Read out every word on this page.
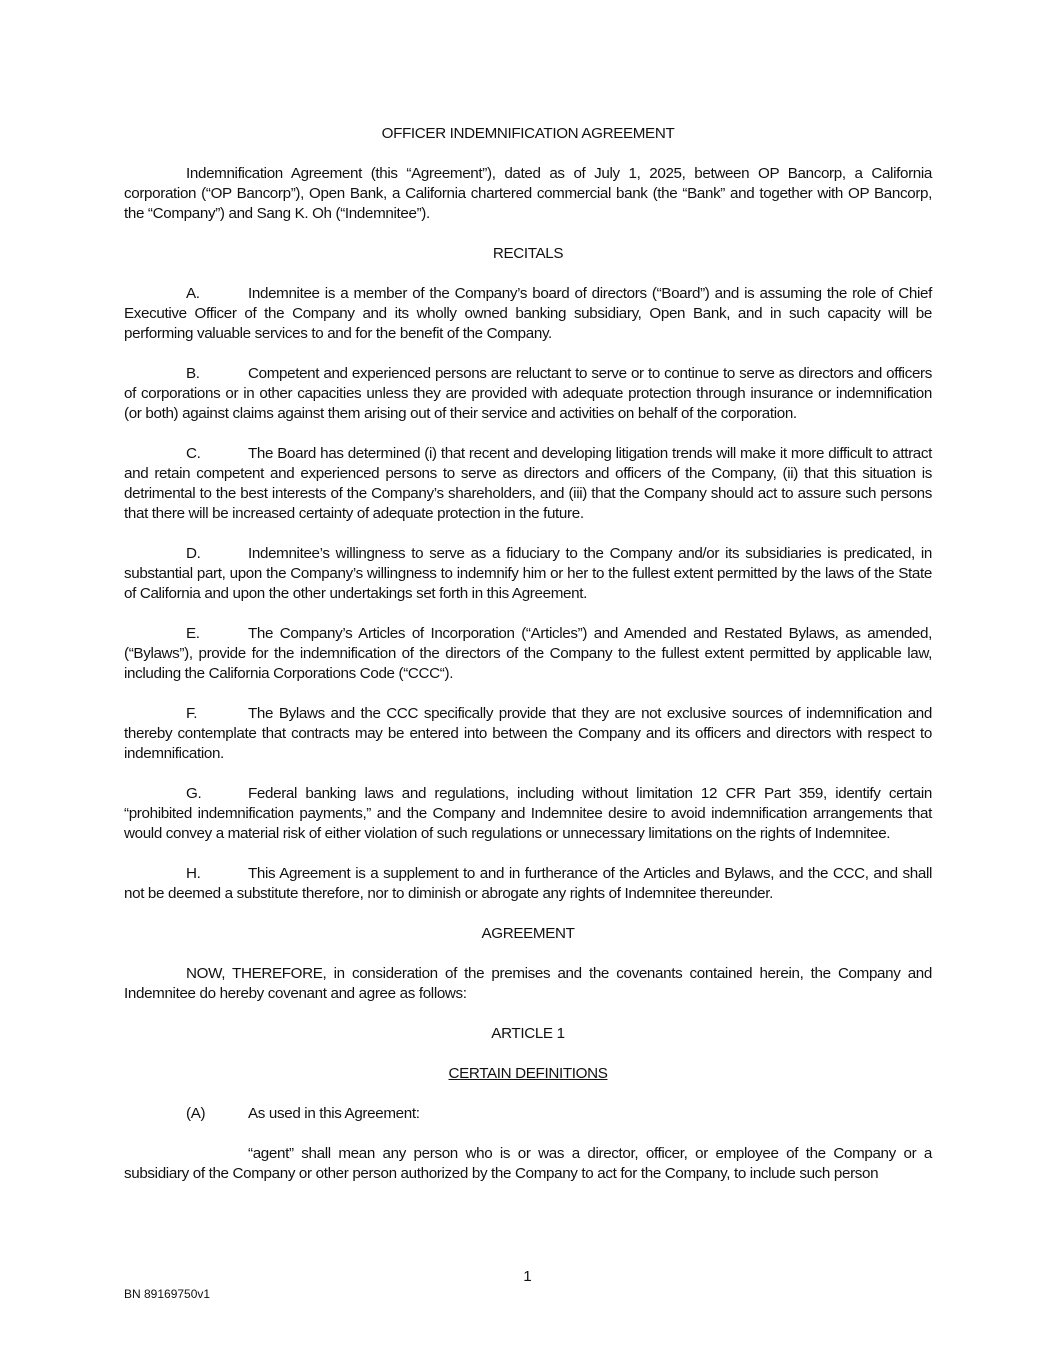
OFFICER INDEMNIFICATION AGREEMENT

Indemnification Agreement (this “Agreement”), dated as of July 1, 2025, between OP Bancorp, a California corporation (“OP Bancorp”), Open Bank, a California chartered commercial bank (the “Bank” and together with OP Bancorp, the “Company”) and Sang K. Oh (“Indemnitee”).

RECITALS

A.	Indemnitee is a member of the Company’s board of directors (“Board”) and is assuming the role of Chief Executive Officer of the Company and its wholly owned banking subsidiary, Open Bank, and in such capacity will be performing valuable services to and for the benefit of the Company.

B.	Competent and experienced persons are reluctant to serve or to continue to serve as directors and officers of corporations or in other capacities unless they are provided with adequate protection through insurance or indemnification (or both) against claims against them arising out of their service and activities on behalf of the corporation.

C.	The Board has determined (i) that recent and developing litigation trends will make it more difficult to attract and retain competent and experienced persons to serve as directors and officers of the Company, (ii) that this situation is detrimental to the best interests of the Company’s shareholders, and (iii) that the Company should act to assure such persons that there will be increased certainty of adequate protection in the future.

D.	Indemnitee’s willingness to serve as a fiduciary to the Company and/or its subsidiaries is predicated, in substantial part, upon the Company’s willingness to indemnify him or her to the fullest extent permitted by the laws of the State of California and upon the other undertakings set forth in this Agreement.

E.	The Company’s Articles of Incorporation (“Articles”) and Amended and Restated Bylaws, as amended, (“Bylaws”), provide for the indemnification of the directors of the Company to the fullest extent permitted by applicable law, including the California Corporations Code (“CCC“).

F.	The Bylaws and the CCC specifically provide that they are not exclusive sources of indemnification and thereby contemplate that contracts may be entered into between the Company and its officers and directors with respect to indemnification.

G.	Federal banking laws and regulations, including without limitation 12 CFR Part 359, identify certain “prohibited indemnification payments,” and the Company and Indemnitee desire to avoid indemnification arrangements that would convey a material risk of either violation of such regulations or unnecessary limitations on the rights of Indemnitee.

H.	This Agreement is a supplement to and in furtherance of the Articles and Bylaws, and the CCC, and shall not be deemed a substitute therefore, nor to diminish or abrogate any rights of Indemnitee thereunder.

AGREEMENT

NOW, THEREFORE, in consideration of the premises and the covenants contained herein, the Company and Indemnitee do hereby covenant and agree as follows:

ARTICLE 1

CERTAIN DEFINITIONS

(A)	As used in this Agreement:

“agent” shall mean any person who is or was a director, officer, or employee of the Company or a subsidiary of the Company or other person authorized by the Company to act for the Company, to include such person

1
BN 89169750v1
